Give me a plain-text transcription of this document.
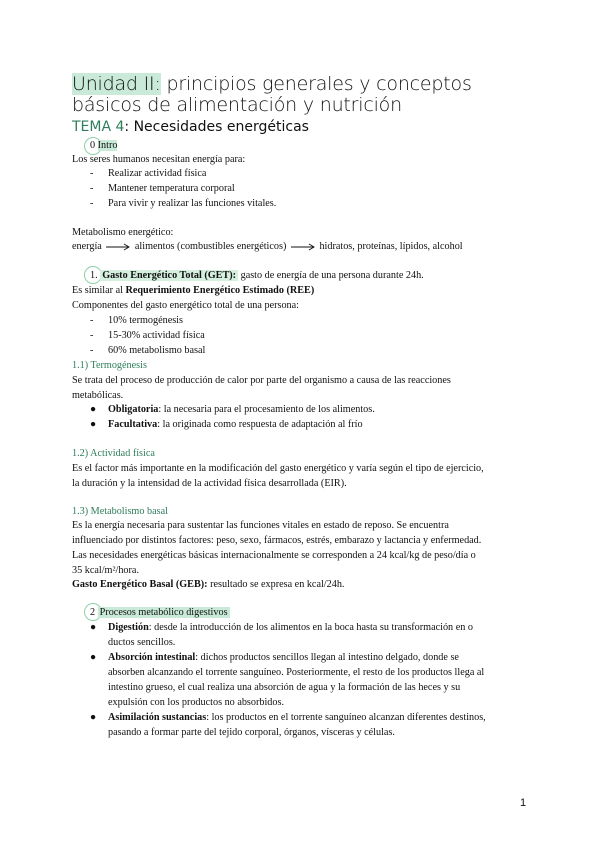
Unidad II: principios generales y conceptos
básicos de alimentación y nutrición
TEMA 4: Necesidades energéticas
0 Intro
Los seres humanos necesitan energía para:
- Realizar actividad física
- Mantener temperatura corporal
- Para vivir y realizar las funciones vitales.
Metabolismo energético:
energía	alimentos (combustibles energéticos)	hidratos, proteínas, lípidos, alcohol
1. Gasto Energético Total (GET): gasto de energía de una persona durante 24h.
Es similar al Requerimiento Energético Estimado (REE)
Componentes del gasto energético total de una persona:
- 10% termogénesis
- 15-30% actividad física
- 60% metabolismo basal
1.1) Termogénesis
Se trata del proceso de producción de calor por parte del organismo a causa de las reacciones
metabólicas.
● Obligatoria: la necesaria para el procesamiento de los alimentos.
● Facultativa: la originada como respuesta de adaptación al frío
1.2) Actividad física
Es el factor más importante en la modificación del gasto energético y varía según el tipo de ejercicio,
la duración y la intensidad de la actividad física desarrollada (EIR).
1.3) Metabolismo basal
Es la energía necesaria para sustentar las funciones vitales en estado de reposo. Se encuentra
influenciado por distintos factores: peso, sexo, fármacos, estrés, embarazo y lactancia y enfermedad.
Las necesidades energéticas básicas internacionalmente se corresponden a 24 kcal/kg de peso/día o
35 kcal/m²/hora.
Gasto Energético Basal (GEB): resultado se expresa en kcal/24h.
2 Procesos metabólico digestivos
● Digestión: desde la introducción de los alimentos en la boca hasta su transformación en o
ductos sencillos.
● Absorción intestinal: dichos productos sencillos llegan al intestino delgado, donde se
absorben alcanzando el torrente sanguíneo. Posteriormente, el resto de los productos llega al
intestino grueso, el cual realiza una absorción de agua y la formación de las heces y su
expulsión con los productos no absorbidos.
● Asimilación sustancias: los productos en el torrente sanguíneo alcanzan diferentes destinos,
pasando a formar parte del tejido corporal, órganos, vísceras y células.
1
